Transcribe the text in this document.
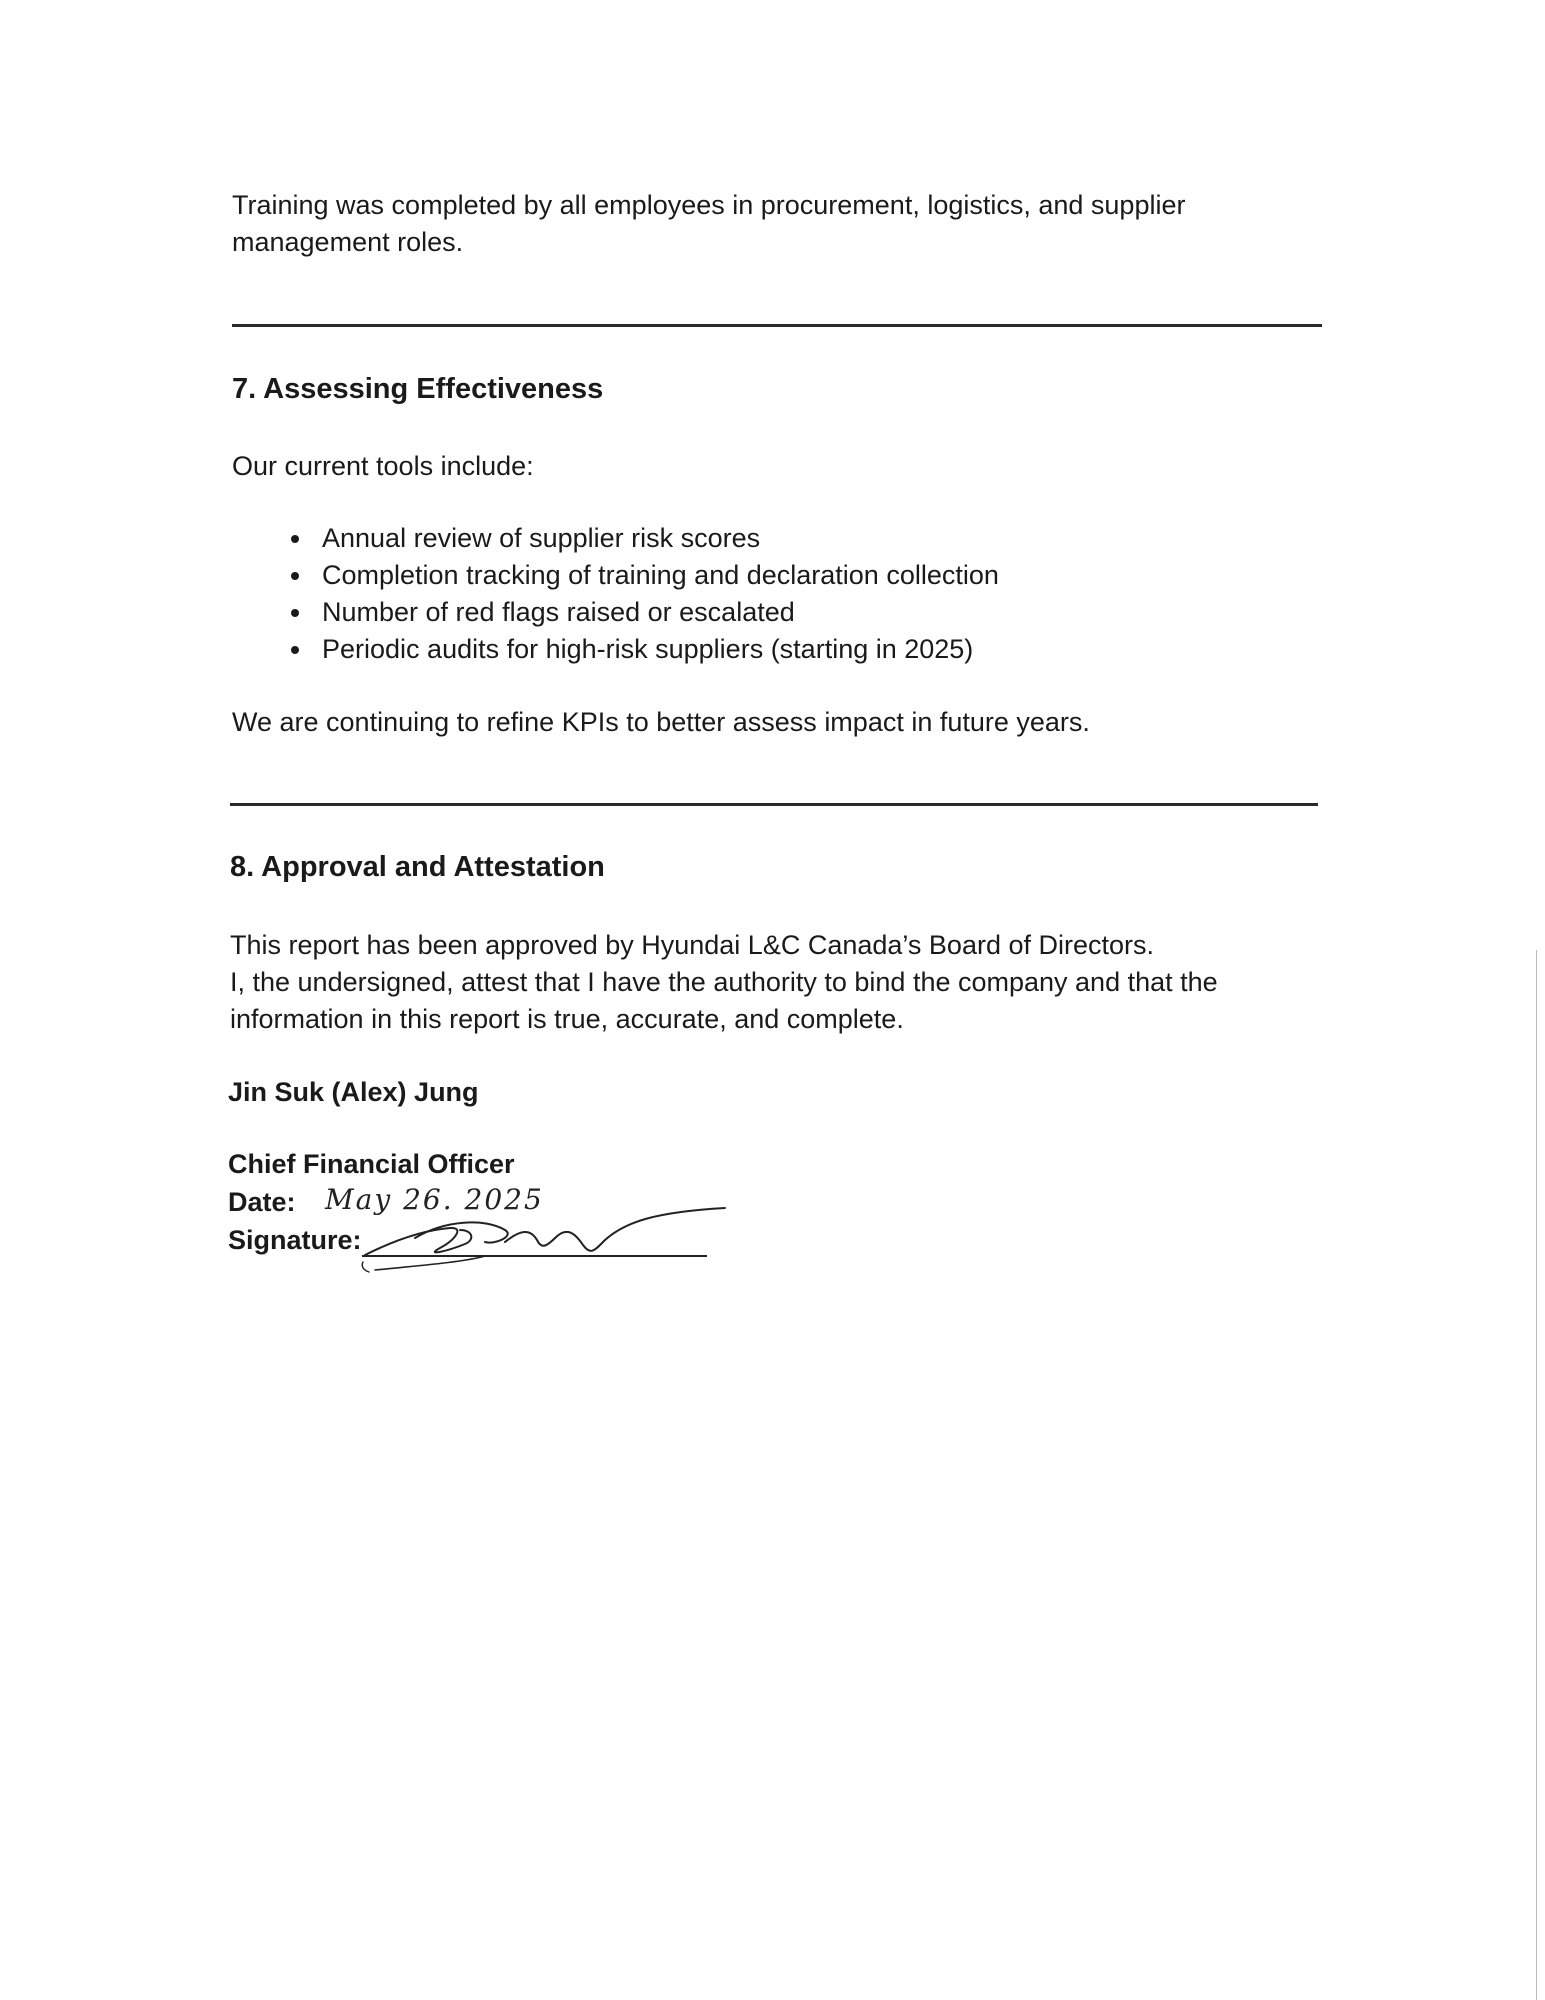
Training was completed by all employees in procurement, logistics, and supplier

management roles.

7. Assessing Effectiveness

Our current tools include:

Annual review of supplier risk scores
Completion tracking of training and declaration collection
Number of red flags raised or escalated
Periodic audits for high-risk suppliers (starting in 2025)

We are continuing to refine KPIs to better assess impact in future years.

8. Approval and Attestation

This report has been approved by Hyundai L&C Canada’s Board of Directors.

I, the undersigned, attest that I have the authority to bind the company and that the

information in this report is true, accurate, and complete.

Jin Suk (Alex) Jung

Chief Financial Officer

Date: May 26. 2025

Signature:
